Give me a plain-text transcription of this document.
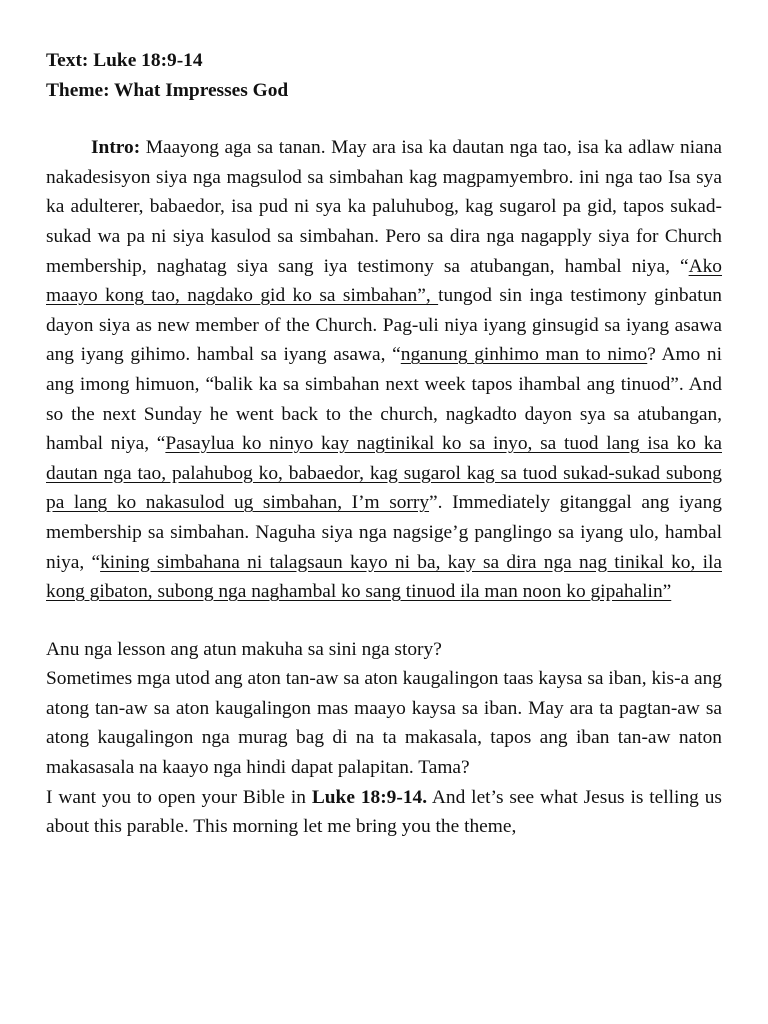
Text: Luke 18:9-14

Theme: What Impresses God

Intro: Maayong aga sa tanan. May ara isa ka dautan nga tao, isa ka adlaw niana nakadesisyon siya nga magsulod sa simbahan kag magpamyembro. ini nga tao Isa sya ka adulterer, babaedor, isa pud ni sya ka paluhubog, kag sugarol pa gid, tapos sukad-sukad wa pa ni siya kasulod sa simbahan. Pero sa dira nga nagapply siya for Church membership, naghatag siya sang iya testimony sa atubangan, hambal niya, “Ako maayo kong tao, nagdako gid ko sa simbahan”, tungod sin inga testimony ginbatun dayon siya as new member of the Church. Pag-uli niya iyang ginsugid sa iyang asawa ang iyang gihimo. hambal sa iyang asawa, “nganung ginhimo man to nimo? Amo ni ang imong himuon, “balik ka sa simbahan next week tapos ihambal ang tinuod”. And so the next Sunday he went back to the church, nagkadto dayon sya sa atubangan, hambal niya, “Pasaylua ko ninyo kay nagtinikal ko sa inyo, sa tuod lang isa ko ka dautan nga tao, palahubog ko, babaedor, kag sugarol kag sa tuod sukad-sukad subong pa lang ko nakasulod ug simbahan, I’m sorry”. Immediately gitanggal ang iyang membership sa simbahan. Naguha siya nga nagsige’g panglingo sa iyang ulo, hambal niya, “kining simbahana ni talagsaun kayo ni ba, kay sa dira nga nag tinikal ko, ila kong gibaton, subong nga naghambal ko sang tinuod ila man noon ko gipahalin”

Anu nga lesson ang atun makuha sa sini nga story?

Sometimes mga utod ang aton tan-aw sa aton kaugalingon taas kaysa sa iban, kis-a ang atong tan-aw sa aton kaugalingon mas maayo kaysa sa iban. May ara ta pagtan-aw sa atong kaugalingon nga murag bag di na ta makasala, tapos ang iban tan-aw naton makasasala na kaayo nga hindi dapat palapitan. Tama?

I want you to open your Bible in Luke 18:9-14. And let’s see what Jesus is telling us about this parable. This morning let me bring you the theme,
